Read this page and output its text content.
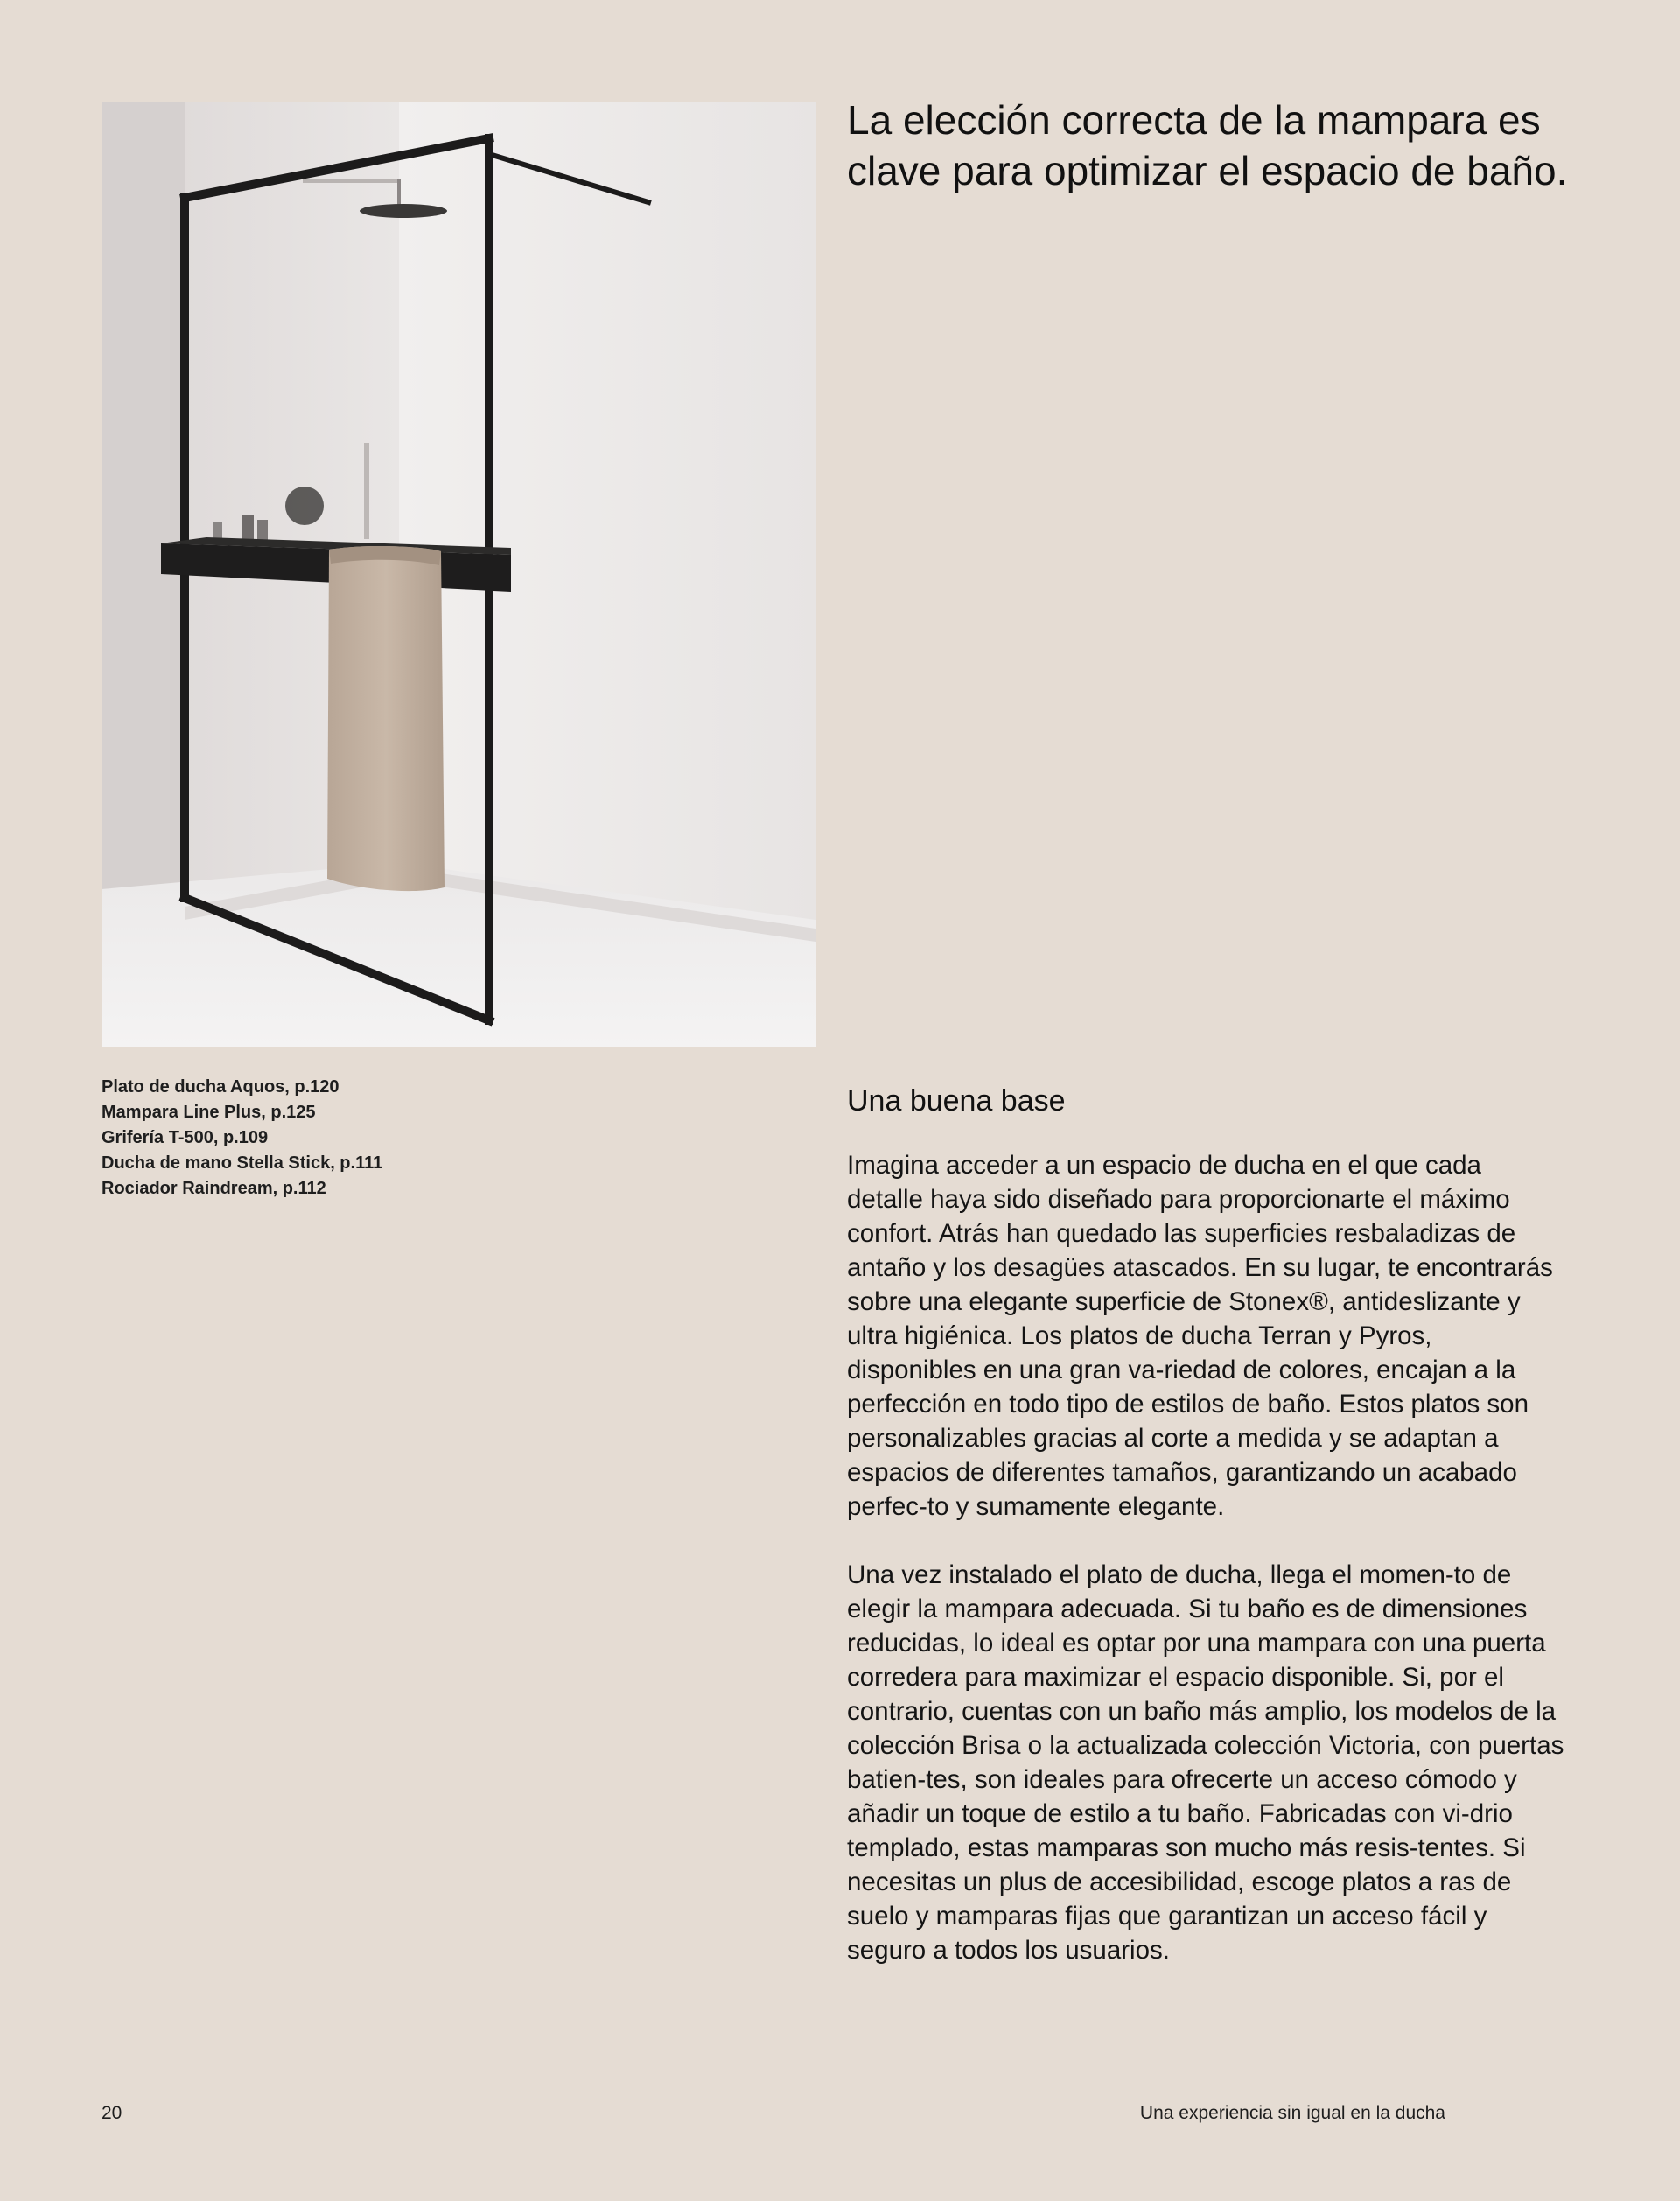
Plato de ducha Aquos, p.120
Mampara Line Plus, p.125
Grifería T-500, p.109
Ducha de mano Stella Stick, p.111
Rociador Raindream, p.112
La elección correcta de la mampara es clave para optimizar el espacio de baño.
Una buena base

Imagina acceder a un espacio de ducha en el que cada detalle haya sido diseñado para proporcionarte el máximo confort. Atrás han quedado las superficies resbaladizas de antaño y los desagües atascados. En su lugar, te encontrarás sobre una elegante superficie de Stonex®, antideslizante y ultra higiénica. Los platos de ducha Terran y Pyros, disponibles en una gran va-riedad de colores, encajan a la perfección en todo tipo de estilos de baño. Estos platos son personalizables gracias al corte a medida y se adaptan a espacios de diferentes tamaños, garantizando un acabado perfec-to y sumamente elegante.

Una vez instalado el plato de ducha, llega el momen-to de elegir la mampara adecuada. Si tu baño es de dimensiones reducidas, lo ideal es optar por una mampara con una puerta corredera para maximizar el espacio disponible. Si, por el contrario, cuentas con un baño más amplio, los modelos de la colección Brisa o la actualizada colección Victoria, con puertas batien-tes, son ideales para ofrecerte un acceso cómodo y añadir un toque de estilo a tu baño. Fabricadas con vi-drio templado, estas mamparas son mucho más resis-tentes. Si necesitas un plus de accesibilidad, escoge platos a ras de suelo y mamparas fijas que garantizan un acceso fácil y seguro a todos los usuarios.

20	Una experiencia sin igual en la ducha
